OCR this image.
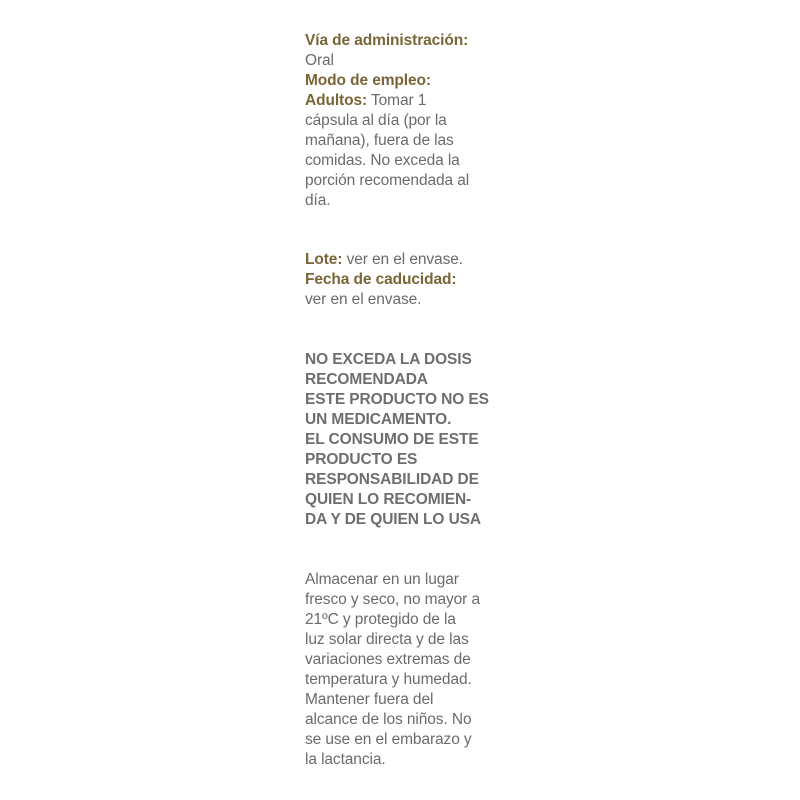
Vía de administración:

Oral

Modo de empleo:

Adultos: Tomar 1
cápsula al día (por la
mañana), fuera de las
comidas. No exceda la
porción recomendada al
día.
Lote: ver en el envase.
Fecha de caducidad:
ver en el envase.
NO EXCEDA LA DOSIS
RECOMENDADA
ESTE PRODUCTO NO ES
UN MEDICAMENTO.
EL CONSUMO DE ESTE
PRODUCTO ES
RESPONSABILIDAD DE
QUIEN LO RECOMIEN-
DA Y DE QUIEN LO USA
Almacenar en un lugar
fresco y seco, no mayor a
21ºC y protegido de la
luz solar directa y de las
variaciones extremas de
temperatura y humedad.
Mantener fuera del
alcance de los niños. No
se use en el embarazo y
la lactancia.
